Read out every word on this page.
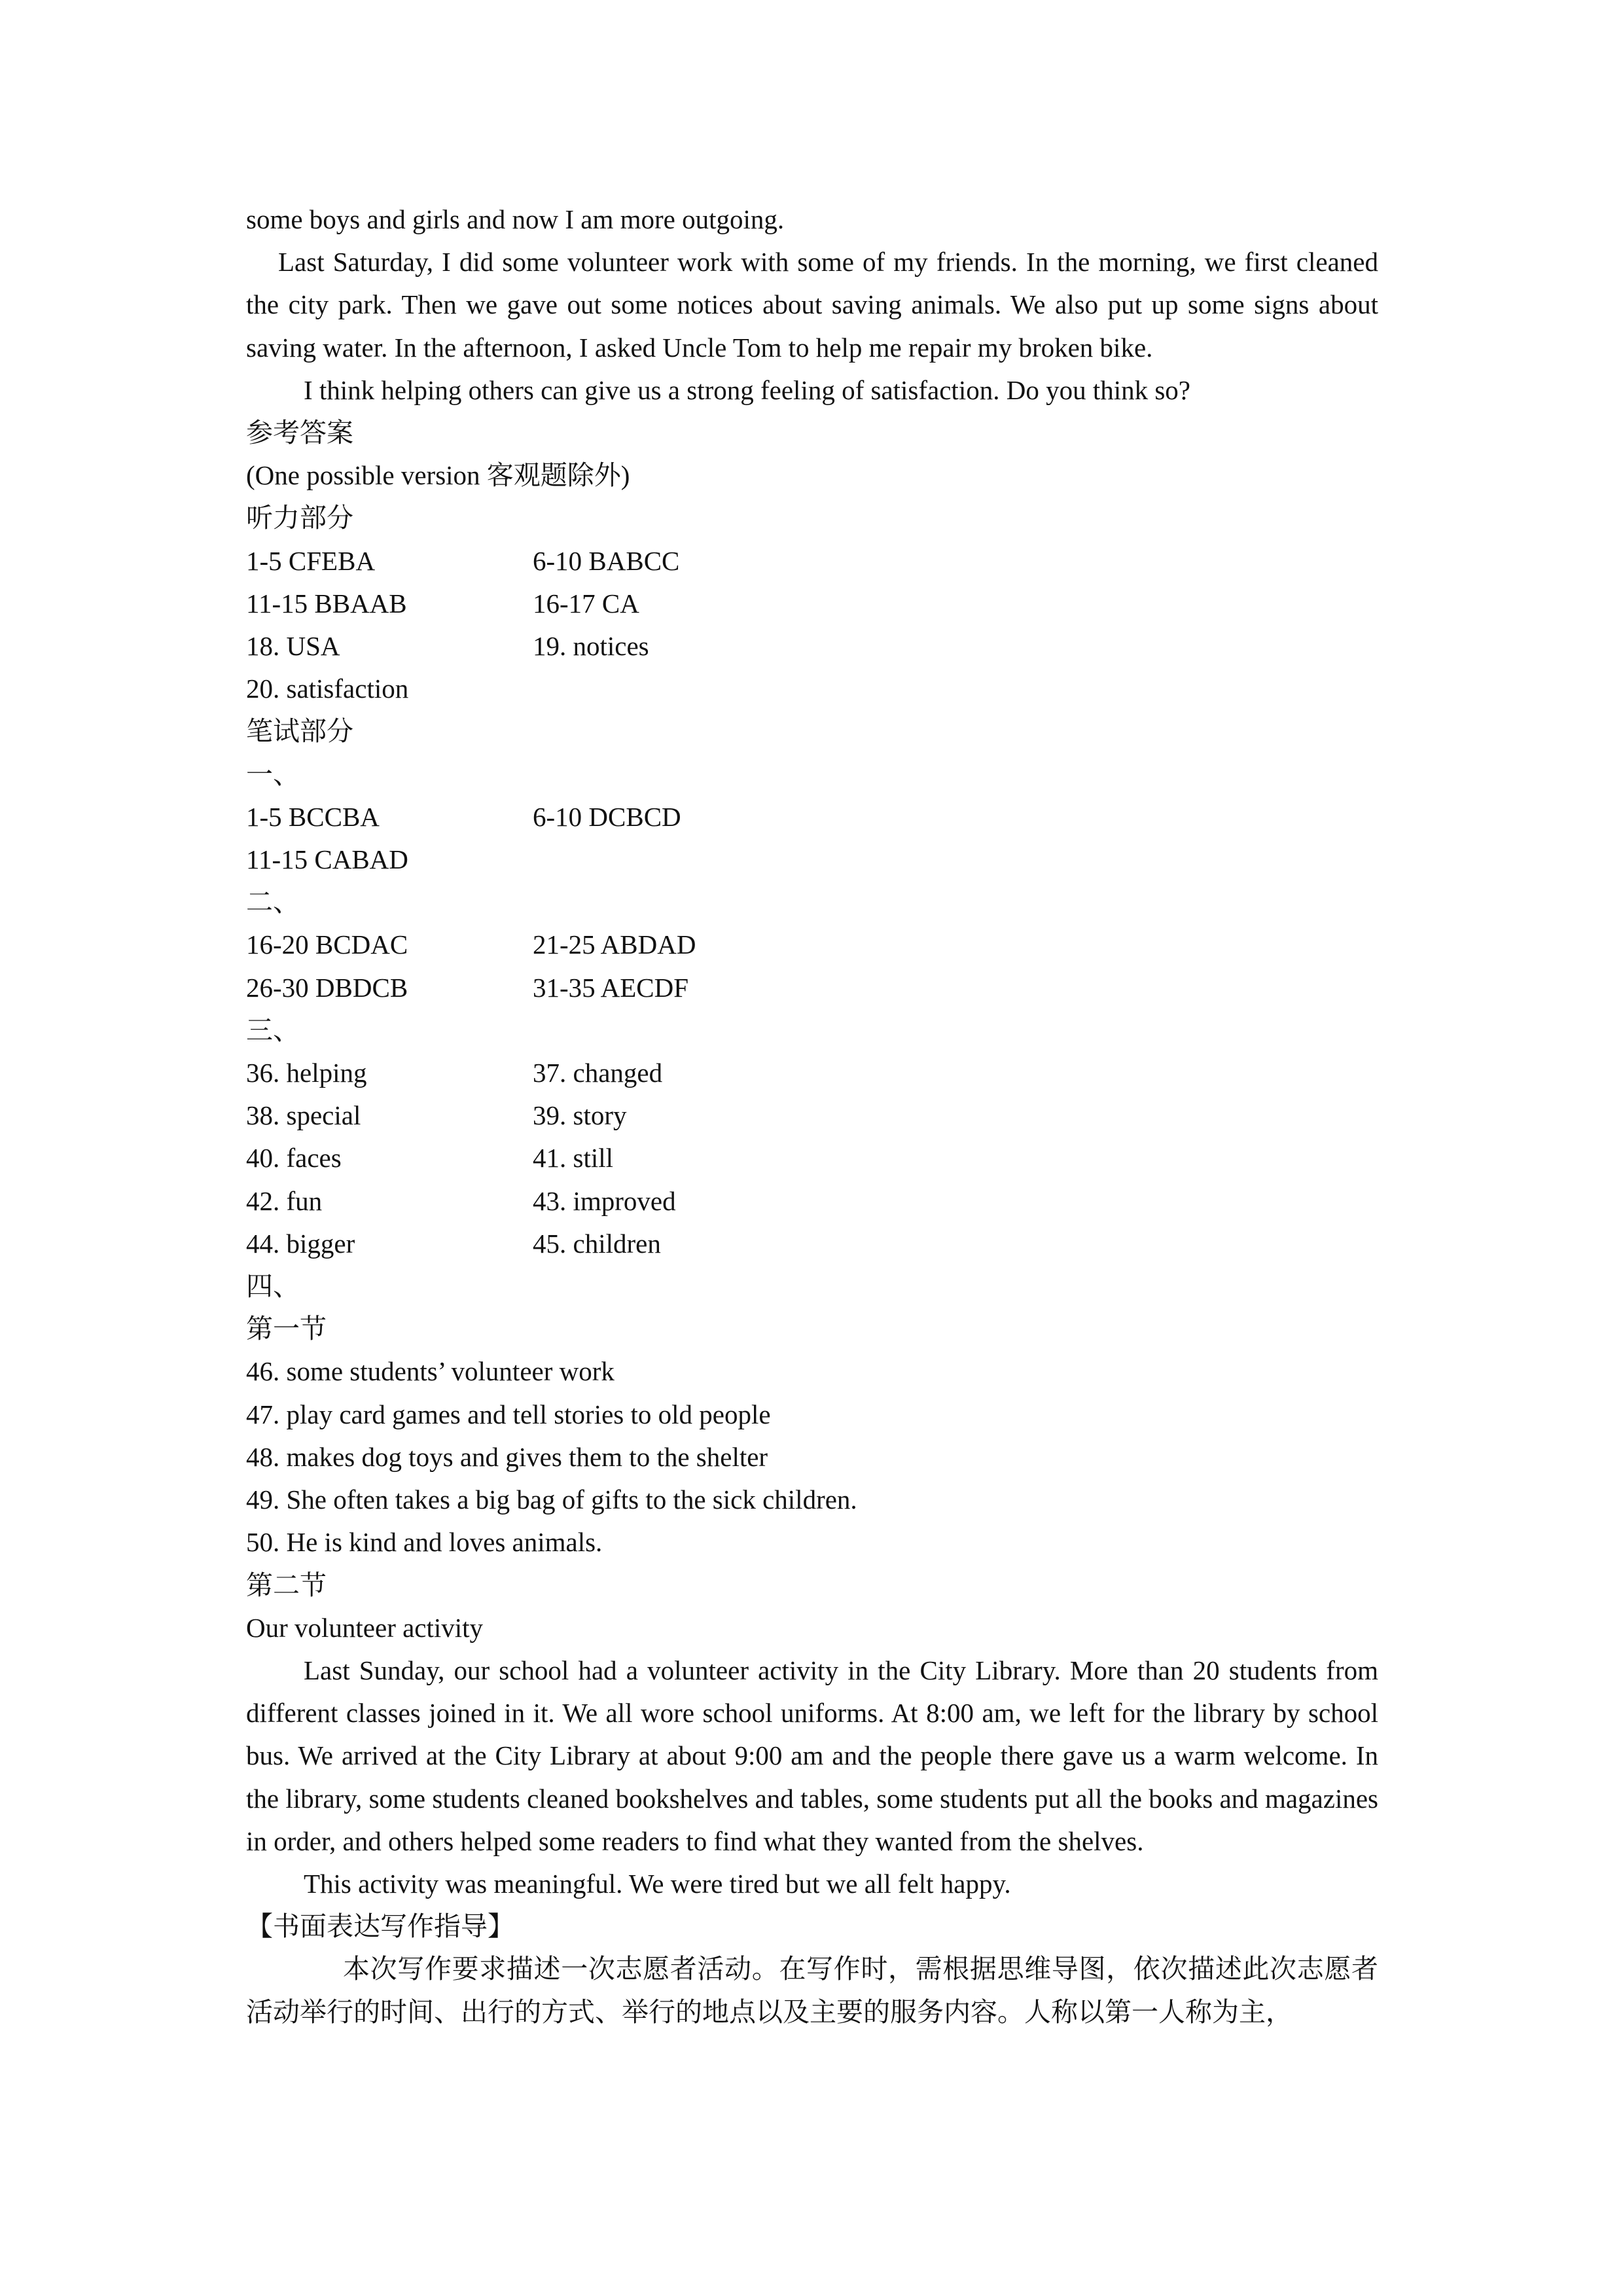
some boys and girls and now I am more outgoing.
Last Saturday, I did some volunteer work with some of my friends. In the morning, we first cleaned the city park. Then we gave out some notices about saving animals. We also put up some signs about saving water. In the afternoon, I asked Uncle Tom to help me repair my broken bike.
I think helping others can give us a strong feeling of satisfaction. Do you think so?
参考答案
(One possible version 客观题除外)
听力部分
1-5 CFEBA	6-10 BABCC
11-15 BBAAB	16-17 CA
18. USA	19. notices
20. satisfaction
笔试部分
一、
1-5 BCCBA	6-10 DCBCD
11-15 CABAD
二、
16-20 BCDAC	21-25 ABDAD
26-30 DBDCB	31-35 AECDF
三、
36. helping	37. changed
38. special	39. story
40. faces	41. still
42. fun	43. improved
44. bigger	45. children
四、
第一节
46. some students’ volunteer work
47. play card games and tell stories to old people
48. makes dog toys and gives them to the shelter
49. She often takes a big bag of gifts to the sick children.
50. He is kind and loves animals.
第二节
Our volunteer activity
Last Sunday, our school had a volunteer activity in the City Library. More than 20 students from different classes joined in it. We all wore school uniforms. At 8:00 am, we left for the library by school bus. We arrived at the City Library at about 9:00 am and the people there gave us a warm welcome. In the library, some students cleaned bookshelves and tables, some students put all the books and magazines in order, and others helped some readers to find what they wanted from the shelves.
This activity was meaningful. We were tired but we all felt happy.
【书面表达写作指导】
本次写作要求描述一次志愿者活动。在写作时，需根据思维导图，依次描述此次志愿者活动举行的时间、出行的方式、举行的地点以及主要的服务内容。人称以第一人称为主，
